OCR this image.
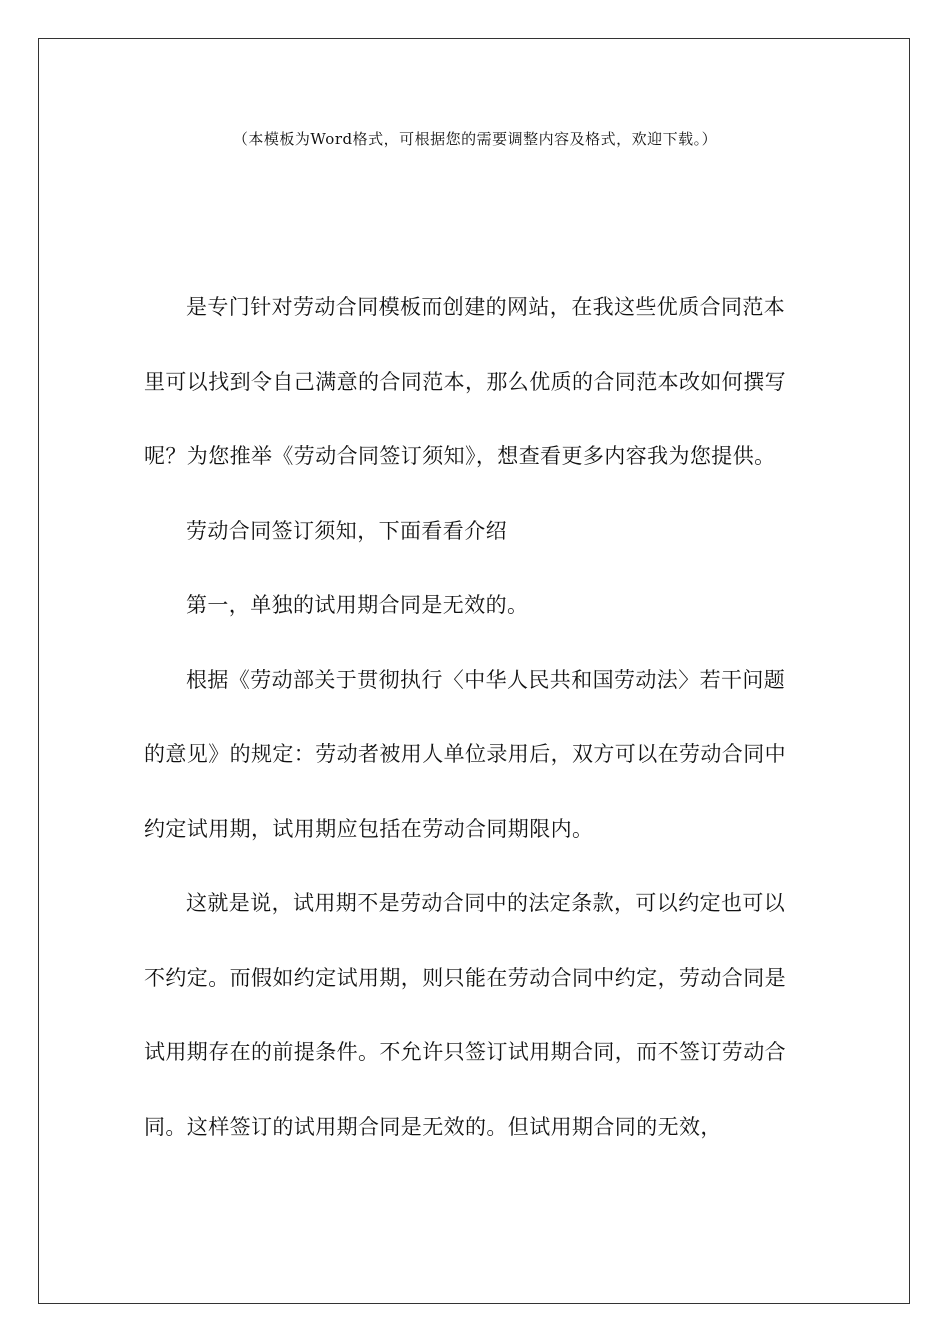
（本模板为Word格式，可根据您的需要调整内容及格式，欢迎下载。）

是专门针对劳动合同模板而创建的网站，在我这些优质合同范本里可以找到令自己满意的合同范本，那么优质的合同范本改如何撰写呢？为您推举《劳动合同签订须知》，想查看更多内容我为您提供。

劳动合同签订须知，下面看看介绍

第一，单独的试用期合同是无效的。

根据《劳动部关于贯彻执行〈中华人民共和国劳动法〉若干问题的意见》的规定：劳动者被用人单位录用后，双方可以在劳动合同中约定试用期，试用期应包括在劳动合同期限内。

这就是说，试用期不是劳动合同中的法定条款，可以约定也可以不约定。而假如约定试用期，则只能在劳动合同中约定，劳动合同是试用期存在的前提条件。不允许只签订试用期合同，而不签订劳动合同。这样签订的试用期合同是无效的。但试用期合同的无效，
